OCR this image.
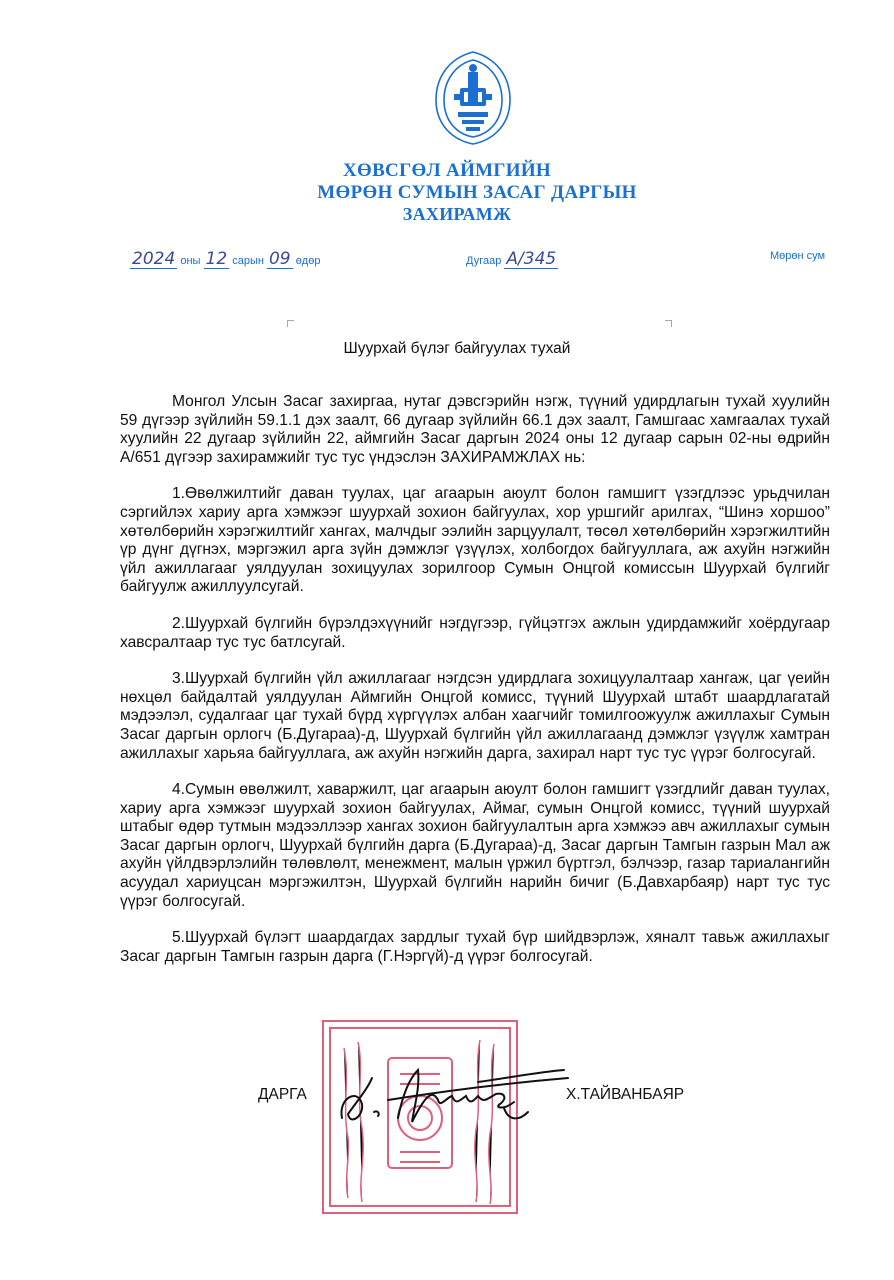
ХӨВСГӨЛ АЙМГИЙН
МӨРӨН СУМЫН ЗАСАГ ДАРГЫН
ЗАХИРАМЖ
2024 оны 12 сарын 09 өдөр	Дугаар А/345	Мөрөн сум
Шуурхай бүлэг байгуулах тухай

Монгол Улсын Засаг захиргаа, нутаг дэвсгэрийн нэгж, түүний удирдлагын тухай хуулийн 59 дүгээр зүйлийн 59.1.1 дэх заалт, 66 дугаар зүйлийн 66.1 дэх заалт, Гамшгаас хамгаалах тухай хуулийн 22 дугаар зүйлийн 22, аймгийн Засаг даргын 2024 оны 12 дугаар сарын 02-ны өдрийн А/651 дүгээр захирамжийг тус тус үндэслэн ЗАХИРАМЖЛАХ нь:

1.Өвөлжилтийг даван туулах, цаг агаарын аюулт болон гамшигт үзэгдлээс урьдчилан сэргийлэх хариу арга хэмжээг шуурхай зохион байгуулах, хор уршгийг арилгах, “Шинэ хоршоо” хөтөлбөрийн хэрэгжилтийг хангах, малчдыг ээлийн зарцуулалт, төсөл хөтөлбөрийн хэрэгжилтийн үр дүнг дүгнэх, мэргэжил арга зүйн дэмжлэг үзүүлэх, холбогдох байгууллага, аж ахуйн нэгжийн үйл ажиллагааг уялдуулан зохицуулах зорилгоор Сумын Онцгой комиссын Шуурхай бүлгийг байгуулж ажиллуулсугай.

2.Шуурхай бүлгийн бүрэлдэхүүнийг нэгдүгээр, гүйцэтгэх ажлын удирдамжийг хоёрдугаар хавсралтаар тус тус батлсугай.

3.Шуурхай бүлгийн үйл ажиллагааг нэгдсэн удирдлага зохицуулалтаар хангаж, цаг үеийн нөхцөл байдалтай уялдуулан Аймгийн Онцгой комисс, түүний Шуурхай штабт шаардлагатай мэдээлэл, судалгааг цаг тухай бүрд хүргүүлэх албан хаагчийг томилгоожуулж ажиллахыг Сумын Засаг даргын орлогч (Б.Дугараа)-д, Шуурхай бүлгийн үйл ажиллагаанд дэмжлэг үзүүлж хамтран ажиллахыг харьяа байгууллага, аж ахуйн нэгжийн дарга, захирал нарт тус тус үүрэг болгосугай.

4.Сумын өвөлжилт, хаваржилт, цаг агаарын аюулт болон гамшигт үзэгдлийг даван туулах, хариу арга хэмжээг шуурхай зохион байгуулах, Аймаг, сумын Онцгой комисс, түүний шуурхай штабыг өдөр тутмын мэдээллээр хангах зохион байгуулалтын арга хэмжээ авч ажиллахыг сумын Засаг даргын орлогч, Шуурхай бүлгийн дарга (Б.Дугараа)-д, Засаг даргын Тамгын газрын Мал аж ахуйн үйлдвэрлэлийн төлөвлөлт, менежмент, малын үржил бүртгэл, бэлчээр, газар тариалангийн асуудал хариуцсан мэргэжилтэн, Шуурхай бүлгийн нарийн бичиг (Б.Давхарбаяр) нарт тус тус үүрэг болгосугай.

5.Шуурхай бүлэгт шаардагдах зардлыг тухай бүр шийдвэрлэж, хяналт тавьж ажиллахыг Засаг даргын Тамгын газрын дарга (Г.Нэргүй)-д үүрэг болгосугай.

ДАРГА	Х.ТАЙВАНБАЯР
